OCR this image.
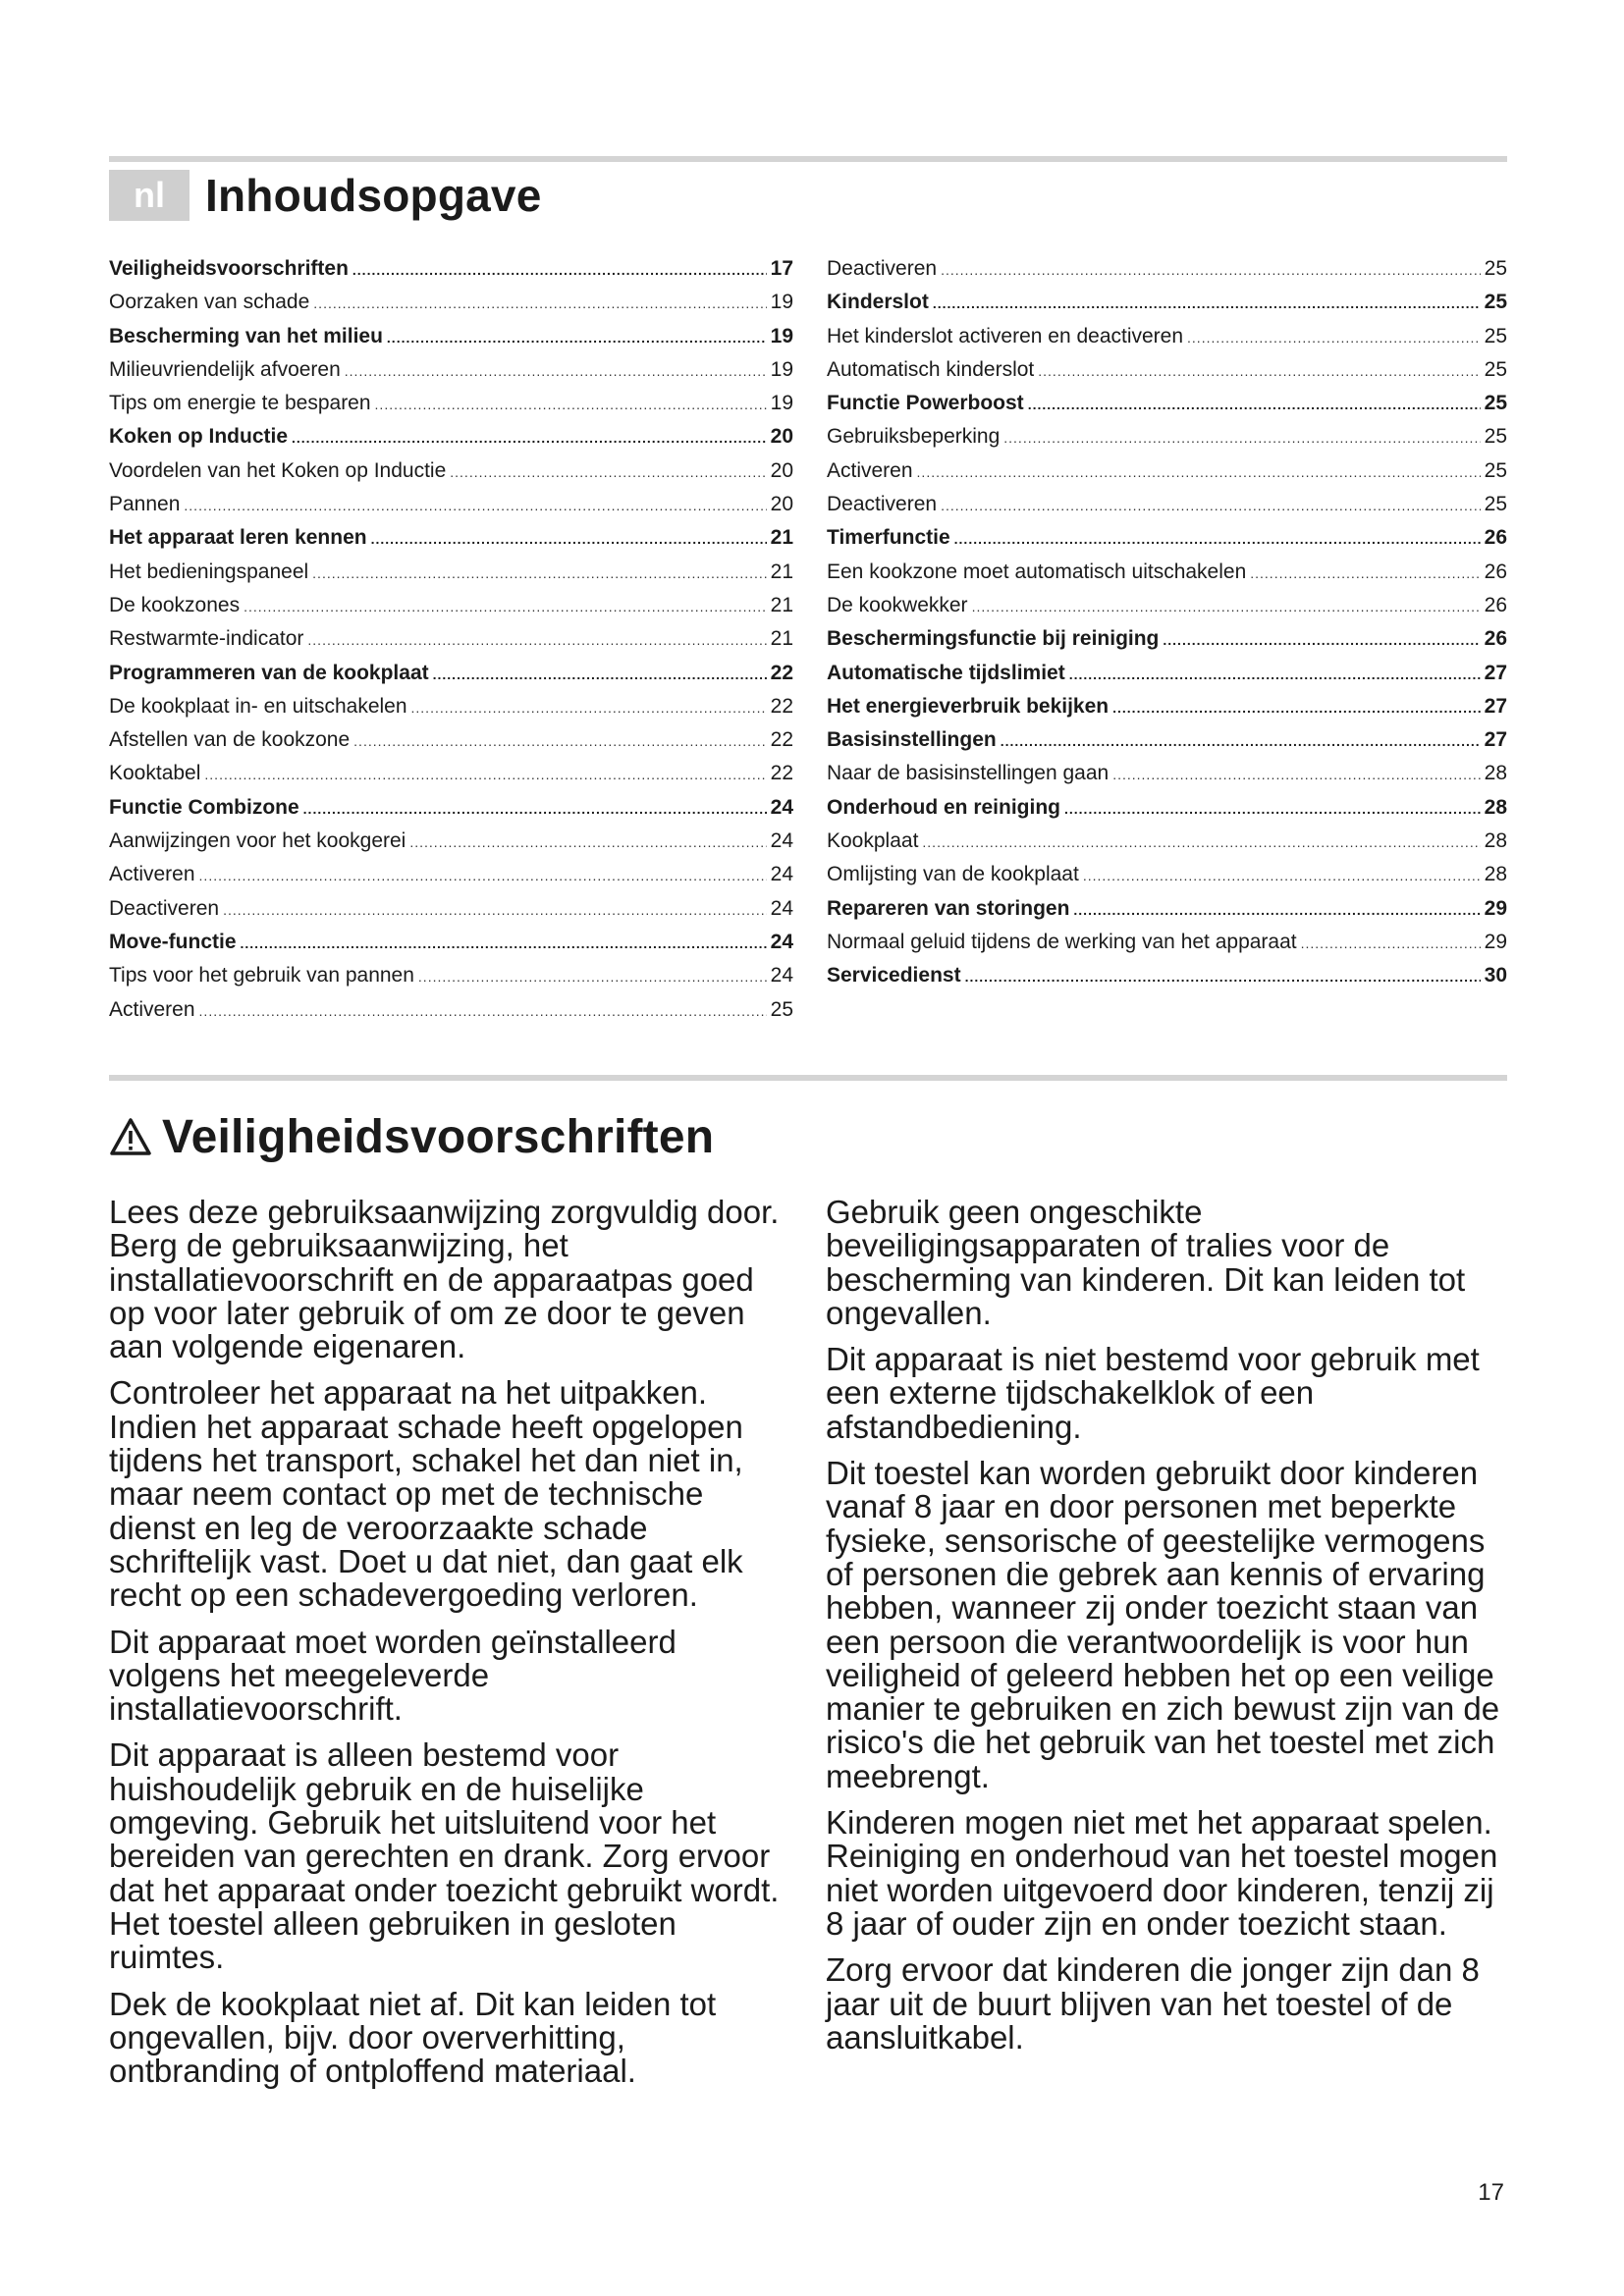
nl Inhoudsopgave
Veiligheidsvoorschriften .....	17
Oorzaken van schade .....	19
Bescherming van het milieu .....	19
Milieuvriendelijk afvoeren .....	19
Tips om energie te besparen .....	19
Koken op Inductie .....	20
Voordelen van het Koken op Inductie .....	20
Pannen .....	20
Het apparaat leren kennen .....	21
Het bedieningspaneel .....	21
De kookzones .....	21
Restwarmte-indicator .....	21
Programmeren van de kookplaat .....	22
De kookplaat in- en uitschakelen .....	22
Afstellen van de kookzone .....	22
Kooktabel .....	22
Functie Combizone .....	24
Aanwijzingen voor het kookgerei .....	24
Activeren .....	24
Deactiveren .....	24
Move-functie .....	24
Tips voor het gebruik van pannen .....	24
Activeren .....	25
Deactiveren .....	25
Kinderslot .....	25
Het kinderslot activeren en deactiveren .....	25
Automatisch kinderslot .....	25
Functie Powerboost .....	25
Gebruiksbeperking .....	25
Activeren .....	25
Deactiveren .....	25
Timerfunctie .....	26
Een kookzone moet automatisch uitschakelen .....	26
De kookwekker .....	26
Beschermingsfunctie bij reiniging .....	26
Automatische tijdslimiet .....	27
Het energieverbruik bekijken .....	27
Basisinstellingen .....	27
Naar de basisinstellingen gaan .....	28
Onderhoud en reiniging .....	28
Kookplaat .....	28
Omlijsting van de kookplaat .....	28
Repareren van storingen .....	29
Normaal geluid tijdens de werking van het apparaat .....	29
Servicedienst .....	30
Veiligheidsvoorschriften

Lees deze gebruiksaanwijzing zorgvuldig door. Berg de gebruiksaanwijzing, het installatievoorschrift en de apparaatpas goed op voor later gebruik of om ze door te geven aan volgende eigenaren.

Controleer het apparaat na het uitpakken. Indien het apparaat schade heeft opgelopen tijdens het transport, schakel het dan niet in, maar neem contact op met de technische dienst en leg de veroorzaakte schade schriftelijk vast. Doet u dat niet, dan gaat elk recht op een schadevergoeding verloren.

Dit apparaat moet worden geïnstalleerd volgens het meegeleverde installatievoorschrift.

Dit apparaat is alleen bestemd voor huishoudelijk gebruik en de huiselijke omgeving. Gebruik het uitsluitend voor het bereiden van gerechten en drank. Zorg ervoor dat het apparaat onder toezicht gebruikt wordt. Het toestel alleen gebruiken in gesloten ruimtes.

Dek de kookplaat niet af. Dit kan leiden tot ongevallen, bijv. door oververhitting, ontbranding of ontploffend materiaal.

Gebruik geen ongeschikte beveiligingsapparaten of tralies voor de bescherming van kinderen. Dit kan leiden tot ongevallen.

Dit apparaat is niet bestemd voor gebruik met een externe tijdschakelklok of een afstandbediening.

Dit toestel kan worden gebruikt door kinderen vanaf 8 jaar en door personen met beperkte fysieke, sensorische of geestelijke vermogens of personen die gebrek aan kennis of ervaring hebben, wanneer zij onder toezicht staan van een persoon die verantwoordelijk is voor hun veiligheid of geleerd hebben het op een veilige manier te gebruiken en zich bewust zijn van de risico's die het gebruik van het toestel met zich meebrengt.

Kinderen mogen niet met het apparaat spelen. Reiniging en onderhoud van het toestel mogen niet worden uitgevoerd door kinderen, tenzij zij 8 jaar of ouder zijn en onder toezicht staan.

Zorg ervoor dat kinderen die jonger zijn dan 8 jaar uit de buurt blijven van het toestel of de aansluitkabel.

17
